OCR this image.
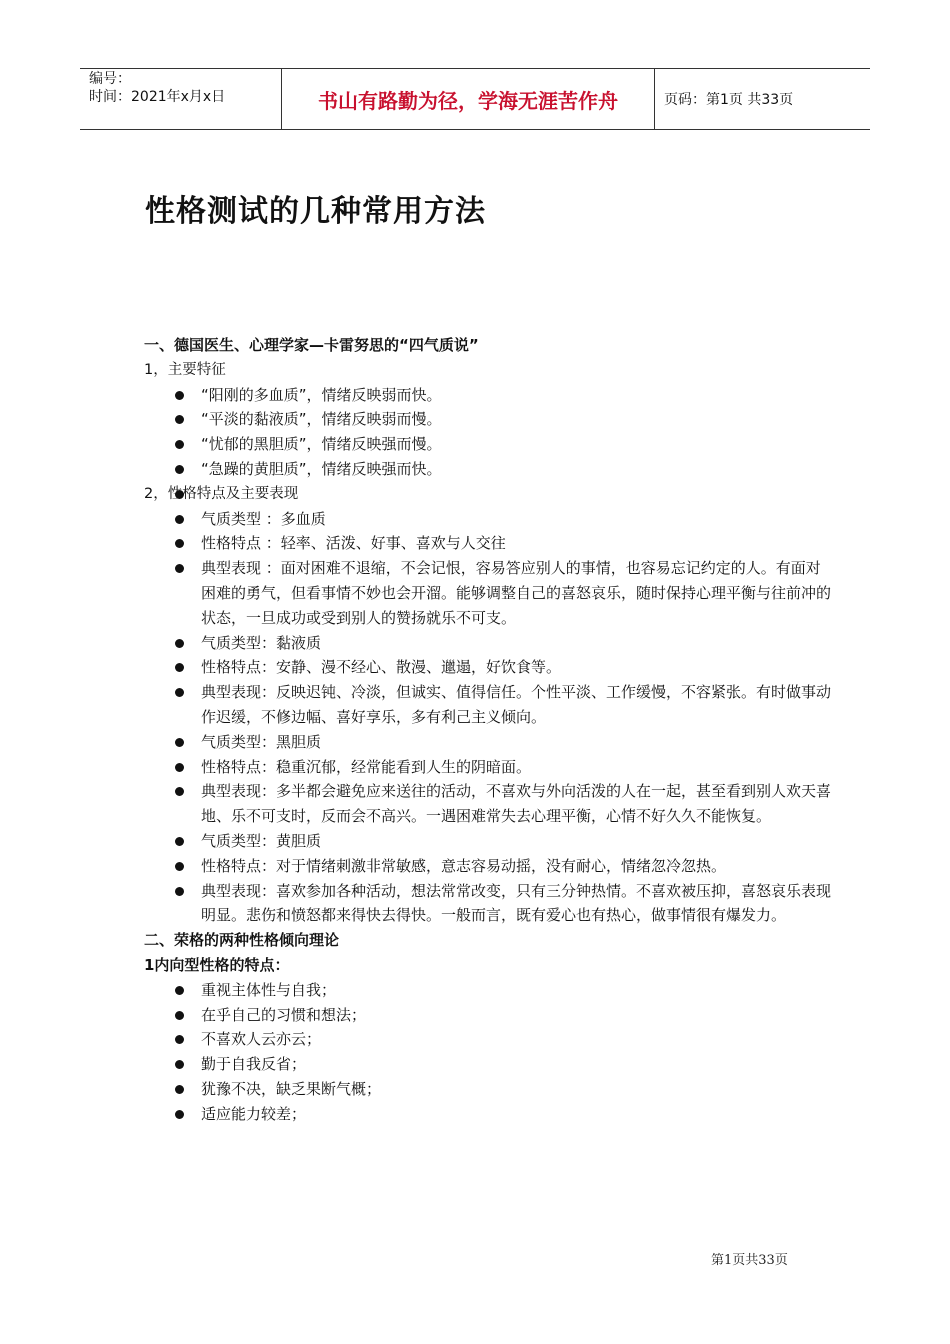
编号：
时间：2021年x月x日	书山有路勤为径，学海无涯苦作舟	页码：第1页 共33页
性格测试的几种常用方法
一、德国医生、心理学家—卡雷努思的“四气质说”
1，主要特征
“阳刚的多血质”，情绪反映弱而快。
“平淡的黏液质”，情绪反映弱而慢。
“忧郁的黑胆质”，情绪反映强而慢。
“急躁的黄胆质”，情绪反映强而快。
2，性格特点及主要表现
气质类型 ：多血质
性格特点 ：轻率、活泼、好事、喜欢与人交往
典型表现 ：面对困难不退缩，不会记恨，容易答应别人的事情，也容易忘记约定的人。有面对困难的勇气，但看事情不妙也会开溜。能够调整自己的喜怒哀乐，随时保持心理平衡与往前冲的状态，一旦成功或受到别人的赞扬就乐不可支。
气质类型：黏液质
性格特点：安静、漫不经心、散漫、邋遢，好饮食等。
典型表现：反映迟钝、冷淡，但诚实、值得信任。个性平淡、工作缓慢，不容紧张。有时做事动作迟缓，不修边幅、喜好享乐，多有利己主义倾向。
气质类型：黑胆质
性格特点：稳重沉郁，经常能看到人生的阴暗面。
典型表现：多半都会避免应来送往的活动，不喜欢与外向活泼的人在一起，甚至看到别人欢天喜地、乐不可支时，反而会不高兴。一遇困难常失去心理平衡，心情不好久久不能恢复。
气质类型：黄胆质
性格特点：对于情绪刺激非常敏感，意志容易动摇，没有耐心，情绪忽冷忽热。
典型表现：喜欢参加各种活动，想法常常改变，只有三分钟热情。不喜欢被压抑，喜怒哀乐表现明显。悲伤和愤怒都来得快去得快。一般而言，既有爱心也有热心，做事情很有爆发力。
二、荣格的两种性格倾向理论
1内向型性格的特点：
重视主体性与自我；
在乎自己的习惯和想法；
不喜欢人云亦云；
勤于自我反省；
犹豫不决，缺乏果断气概；
适应能力较差；
第1页共33页
